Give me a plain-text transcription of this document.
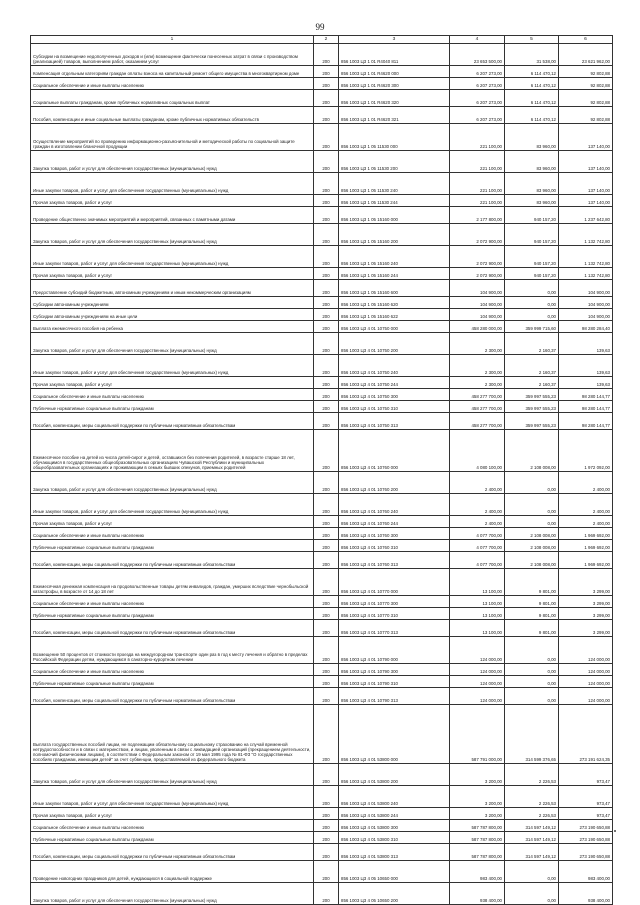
99
1	2	3	4	5	6
Субсидии на возмещение недополученных доходов и (или) возмещение фактически понесенных затрат в связи с производством (реализацией) товаров, выполнением работ, оказанием услуг	200	856 1003 Ц3 1 01 R4040 811	23 653 500,00	31 538,00	23 621 962,00
Компенсация отдельным категориям граждан оплаты взноса на капитальный ремонт общего имущества в многоквартирном доме	200	856 1003 Ц3 1 01 R4620 000	6 207 273,00	6 114 470,12	92 802,88
Социальное обеспечение и иные выплаты населению	200	856 1003 Ц3 1 01 R4620 300	6 207 273,00	6 114 470,12	92 802,88
Социальные выплаты гражданам, кроме публичных нормативных социальных выплат	200	856 1003 Ц3 1 01 R4620 320	6 207 273,00	6 114 470,12	92 802,88
Пособия, компенсации и иные социальные выплаты гражданам, кроме публичных нормативных обязательств	200	856 1003 Ц3 1 01 R4620 321	6 207 273,00	6 114 470,12	92 802,88
Осуществление мероприятий по проведению информационно-разъяснительной и методической работы по социальной защите граждан в изготовлении бланочной продукции	200	856 1003 Ц3 1 05 11530 000	221 100,00	83 960,00	137 140,00
Закупка товаров, работ и услуг для обеспечения государственных (муниципальных) нужд	200	856 1003 Ц3 1 05 11530 200	221 100,00	83 960,00	137 140,00
Иные закупки товаров, работ и услуг для обеспечения государственных (муниципальных) нужд	200	856 1003 Ц3 1 05 11530 240	221 100,00	83 960,00	137 140,00
Прочая закупка товаров, работ и услуг	200	856 1003 Ц3 1 05 11530 244	221 100,00	83 960,00	137 140,00
Проведение общественно значимых мероприятий и мероприятий, связанных с памятными датами	200	856 1003 Ц3 1 05 15160 000	2 177 800,00	940 157,20	1 237 642,80
Закупка товаров, работ и услуг для обеспечения государственных (муниципальных) нужд	200	856 1003 Ц3 1 05 15160 200	2 072 900,00	940 157,20	1 132 742,80
Иные закупки товаров, работ и услуг для обеспечения государственных (муниципальных) нужд	200	856 1003 Ц3 1 05 15160 240	2 072 900,00	940 157,20	1 132 742,80
Прочая закупка товаров, работ и услуг	200	856 1003 Ц3 1 05 15160 244	2 072 900,00	940 157,20	1 132 742,80
Предоставление субсидий бюджетным, автономным учреждениям и иным некоммерческим организациям	200	856 1003 Ц3 1 05 15160 600	104 900,00	0,00	104 900,00
Субсидии автономным учреждениям	200	856 1003 Ц3 1 05 15160 620	104 900,00	0,00	104 900,00
Субсидии автономным учреждениям на иные цели	200	856 1003 Ц3 1 05 15160 622	104 900,00	0,00	104 900,00
Выплата ежемесячного пособия на ребенка	200	856 1003 Ц3 4 01 10750 000	458 280 000,00	359 999 715,60	98 280 284,40
Закупка товаров, работ и услуг для обеспечения государственных (муниципальных) нужд	200	856 1003 Ц3 4 01 10750 200	2 300,00	2 160,37	139,63
Иные закупки товаров, работ и услуг для обеспечения государственных (муниципальных) нужд	200	856 1003 Ц3 4 01 10750 240	2 300,00	2 160,37	139,63
Прочая закупка товаров, работ и услуг	200	856 1003 Ц3 4 01 10750 244	2 300,00	2 160,37	139,63
Социальное обеспечение и иные выплаты населению	200	856 1003 Ц3 4 01 10750 300	458 277 700,00	359 997 555,23	98 280 144,77
Публичные нормативные социальные выплаты гражданам	200	856 1003 Ц3 4 01 10750 310	458 277 700,00	359 997 555,23	98 280 144,77
Пособия, компенсации, меры социальной поддержки по публичным нормативным обязательствам	200	856 1003 Ц3 4 01 10750 313	458 277 700,00	359 997 555,23	98 280 144,77
Ежемесячное пособие на детей из числа детей-сирот и детей, оставшихся без попечения родителей, в возрасте старше 18 лет, обучающимся в государственных общеобразовательных организациях Чувашской Республики и муниципальных общеобразовательных организациях и проживающим в семьях бывших опекунов, приемных родителей	200	856 1003 Ц3 4 01 10760 000	4 080 100,00	2 108 008,00	1 972 092,00
Закупка товаров, работ и услуг для обеспечения государственных (муниципальных) нужд	200	856 1003 Ц3 4 01 10760 200	2 400,00	0,00	2 400,00
Иные закупки товаров, работ и услуг для обеспечения государственных (муниципальных) нужд	200	856 1003 Ц3 4 01 10760 240	2 400,00	0,00	2 400,00
Прочая закупка товаров, работ и услуг	200	856 1003 Ц3 4 01 10760 244	2 400,00	0,00	2 400,00
Социальное обеспечение и иные выплаты населению	200	856 1003 Ц3 4 01 10760 300	4 077 700,00	2 108 008,00	1 969 692,00
Публичные нормативные социальные выплаты гражданам	200	856 1003 Ц3 4 01 10760 310	4 077 700,00	2 108 008,00	1 969 692,00
Пособия, компенсации, меры социальной поддержки по публичным нормативным обязательствам	200	856 1003 Ц3 4 01 10760 313	4 077 700,00	2 108 008,00	1 969 692,00
Ежемесячная денежная компенсация на продовольственные товары детям инвалидов, граждан, умерших вследствие чернобыльской катастрофы, в возрасте от 14 до 18 лет	200	856 1003 Ц3 4 01 10770 000	13 100,00	9 801,00	3 299,00
Социальное обеспечение и иные выплаты населению	200	856 1003 Ц3 4 01 10770 300	13 100,00	9 801,00	3 299,00
Публичные нормативные социальные выплаты гражданам	200	856 1003 Ц3 4 01 10770 310	13 100,00	9 801,00	3 299,00
Пособия, компенсации, меры социальной поддержки по публичным нормативным обязательствам	200	856 1003 Ц3 4 01 10770 313	13 100,00	9 801,00	3 299,00
Возмещение 50 процентов от стоимости проезда на междугородном транспорте один раз в год к месту лечения и обратно в пределах Российской Федерации детям, нуждающимся в санаторно-курортном лечении	200	856 1003 Ц3 4 01 10790 000	124 000,00	0,00	124 000,00
Социальное обеспечение и иные выплаты населению	200	856 1003 Ц3 4 01 10790 300	124 000,00	0,00	124 000,00
Публичные нормативные социальные выплаты гражданам	200	856 1003 Ц3 4 01 10790 310	124 000,00	0,00	124 000,00
Пособия, компенсации, меры социальной поддержки по публичным нормативным обязательствам	200	856 1003 Ц3 4 01 10790 313	124 000,00	0,00	124 000,00
Выплата государственных пособий лицам, не подлежащим обязательному социальному страхованию на случай временной нетрудоспособности и в связи с материнством, и лицам, уволенным в связи с ликвидацией организаций (прекращением деятельности, полномочий физическими лицами), в соответствии с Федеральным законом от 19 мая 1995 года № 81-ФЗ "О государственных пособиях гражданам, имеющим детей" за счет субвенции, предоставляемой из федерального бюджета	200	856 1003 Ц3 4 01 53800 000	587 791 000,00	314 599 376,65	273 191 624,35
Закупка товаров, работ и услуг для обеспечения государственных (муниципальных) нужд	200	856 1003 Ц3 4 01 53800 200	3 200,00	2 226,53	973,47
Иные закупки товаров, работ и услуг для обеспечения государственных (муниципальных) нужд	200	856 1003 Ц3 4 01 53800 240	3 200,00	2 226,53	973,47
Прочая закупка товаров, работ и услуг	200	856 1003 Ц3 4 01 53800 244	3 200,00	2 226,53	973,47
Социальное обеспечение и иные выплаты населению	200	856 1003 Ц3 4 01 53800 300	587 787 800,00	314 597 149,12	273 190 650,88
Публичные нормативные социальные выплаты гражданам	200	856 1003 Ц3 4 01 53800 310	587 787 800,00	314 597 149,12	273 190 650,88
Пособия, компенсации, меры социальной поддержки по публичным нормативным обязательствам	200	856 1003 Ц3 4 01 53800 313	587 787 800,00	314 597 149,12	273 190 650,88
Проведение новогодних праздников для детей, нуждающихся в социальной поддержке	200	856 1003 Ц3 4 05 10650 000	983 400,00	0,00	983 400,00
Закупка товаров, работ и услуг для обеспечения государственных (муниципальных) нужд	200	856 1003 Ц3 4 05 10650 200	938 400,00	0,00	938 400,00
